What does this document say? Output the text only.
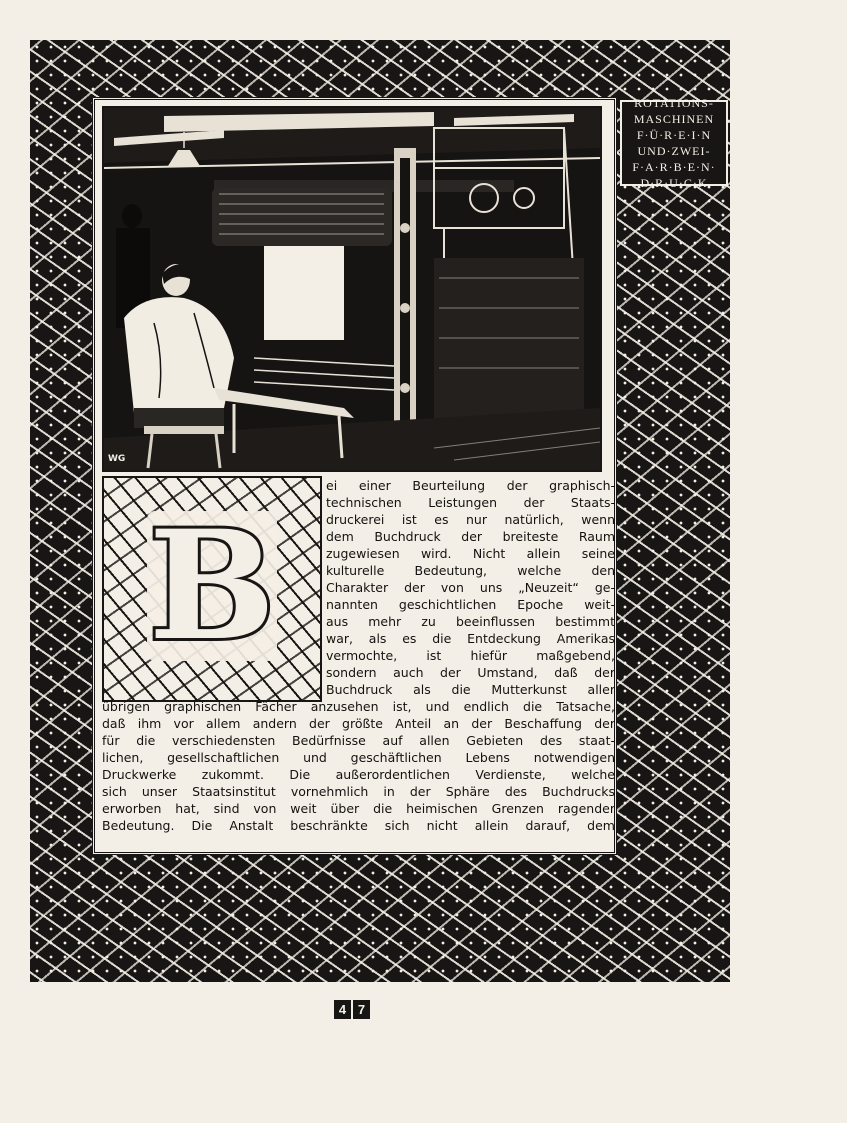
WG
ROTATIONS-
MASCHINEN
F·Ü·R·E·I·N
UND·ZWEI-
F·A·R·B·E·N·
D·R·U·C·K
B
ei einer Beurteilung der graphisch-
technischen Leistungen der Staats-
druckerei ist es nur natürlich, wenn
dem Buchdruck der breiteste Raum
zugewiesen wird. Nicht allein seine
kulturelle Bedeutung, welche den
Charakter der von uns „Neuzeit“ ge-
nannten geschichtlichen Epoche weit-
aus mehr zu beeinflussen bestimmt
war, als es die Entdeckung Amerikas
vermochte, ist hiefür maßgebend,
sondern auch der Umstand, daß der
Buchdruck als die Mutterkunst aller
übrigen graphischen Fächer anzusehen ist, und endlich die Tatsache,
daß ihm vor allem andern der größte Anteil an der Beschaffung der
für die verschiedensten Bedürfnisse auf allen Gebieten des staat-
lichen, gesellschaftlichen und geschäftlichen Lebens notwendigen
Druckwerke zukommt. Die außerordentlichen Verdienste, welche
sich unser Staatsinstitut vornehmlich in der Sphäre des Buchdrucks
erworben hat, sind von weit über die heimischen Grenzen ragender
Bedeutung. Die Anstalt beschränkte sich nicht allein darauf, dem
4 7
